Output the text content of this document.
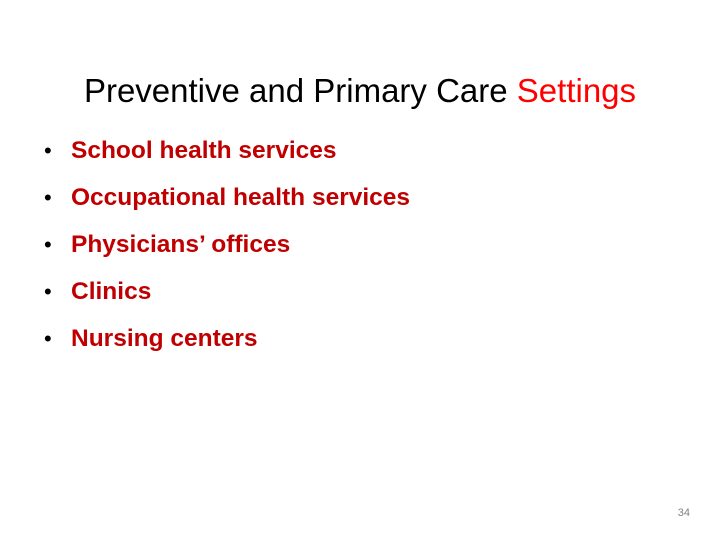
Preventive and Primary Care Settings
• School health services
• Occupational health services
• Physicians’ offices
• Clinics
• Nursing centers
34
